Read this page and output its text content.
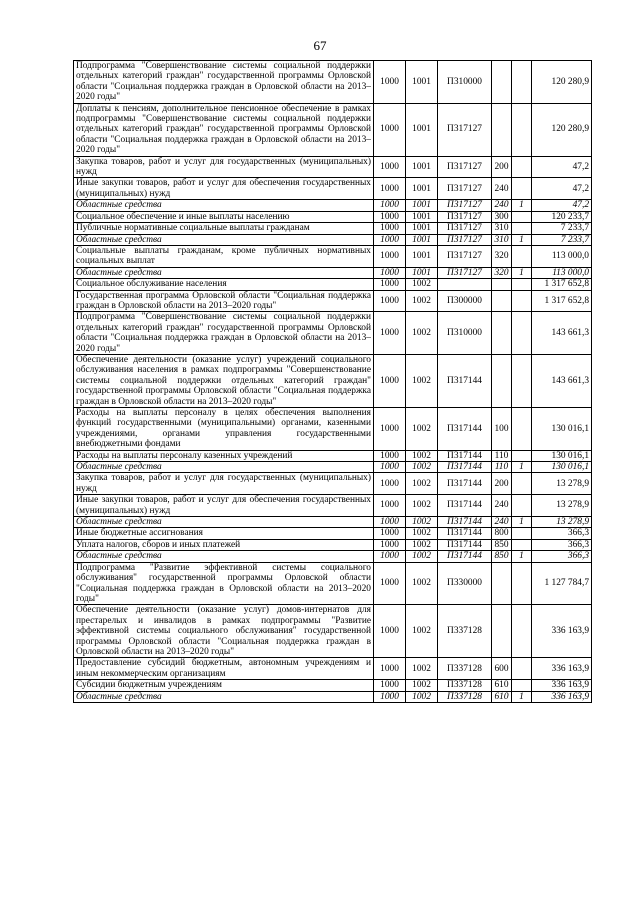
67
Подпрограмма "Совершенствование системы социальной поддержки отдельных категорий граждан" государственной программы Орловской области "Социальная поддержка граждан в Орловской области на 2013–2020 годы"	1000	1001	П310000			120 280,9
Доплаты к пенсиям, дополнительное пенсионное обеспечение в рамках подпрограммы "Совершенствование системы социальной поддержки отдельных категорий граждан" государственной программы Орловской области "Социальная поддержка граждан в Орловской области на 2013–2020 годы"	1000	1001	П317127			120 280,9
Закупка товаров, работ и услуг для государственных (муниципальных) нужд	1000	1001	П317127	200		47,2
Иные закупки товаров, работ и услуг для обеспечения государственных (муниципальных) нужд	1000	1001	П317127	240		47,2
Областные средства	1000	1001	П317127	240	1	47,2
Социальное обеспечение и иные выплаты населению	1000	1001	П317127	300		120 233,7
Публичные нормативные социальные выплаты гражданам	1000	1001	П317127	310		7 233,7
Областные средства	1000	1001	П317127	310	1	7 233,7
Социальные выплаты гражданам, кроме публичных нормативных социальных выплат	1000	1001	П317127	320		113 000,0
Областные средства	1000	1001	П317127	320	1	113 000,0
Социальное обслуживание населения	1000	1002				1 317 652,8
Государственная программа Орловской области "Социальная поддержка граждан в Орловской области на 2013–2020 годы"	1000	1002	П300000			1 317 652,8
Подпрограмма "Совершенствование системы социальной поддержки отдельных категорий граждан" государственной программы Орловской области "Социальная поддержка граждан в Орловской области на 2013–2020 годы"	1000	1002	П310000			143 661,3
Обеспечение деятельности (оказание услуг) учреждений социального обслуживания населения в рамках подпрограммы "Совершенствование системы социальной поддержки отдельных категорий граждан" государственной программы Орловской области "Социальная поддержка граждан в Орловской области на 2013–2020 годы"	1000	1002	П317144			143 661,3
Расходы на выплаты персоналу в целях обеспечения выполнения функций государственными (муниципальными) органами, казенными учреждениями, органами управления государственными внебюджетными фондами	1000	1002	П317144	100		130 016,1
Расходы на выплаты персоналу казенных учреждений	1000	1002	П317144	110		130 016,1
Областные средства	1000	1002	П317144	110	1	130 016,1
Закупка товаров, работ и услуг для государственных (муниципальных) нужд	1000	1002	П317144	200		13 278,9
Иные закупки товаров, работ и услуг для обеспечения государственных (муниципальных) нужд	1000	1002	П317144	240		13 278,9
Областные средства	1000	1002	П317144	240	1	13 278,9
Иные бюджетные ассигнования	1000	1002	П317144	800		366,3
Уплата налогов, сборов и иных платежей	1000	1002	П317144	850		366,3
Областные средства	1000	1002	П317144	850	1	366,3
Подпрограмма "Развитие эффективной системы социального обслуживания" государственной программы Орловской области "Социальная поддержка граждан в Орловской области на 2013–2020 годы"	1000	1002	П330000			1 127 784,7
Обеспечение деятельности (оказание услуг) домов-интернатов для престарелых и инвалидов в рамках подпрограммы "Развитие эффективной системы социального обслуживания" государственной программы Орловской области "Социальная поддержка граждан в Орловской области на 2013–2020 годы"	1000	1002	П337128			336 163,9
Предоставление субсидий бюджетным, автономным учреждениям и иным некоммерческим организациям	1000	1002	П337128	600		336 163,9
Субсидии бюджетным учреждениям	1000	1002	П337128	610		336 163,9
Областные средства	1000	1002	П337128	610	1	336 163,9
